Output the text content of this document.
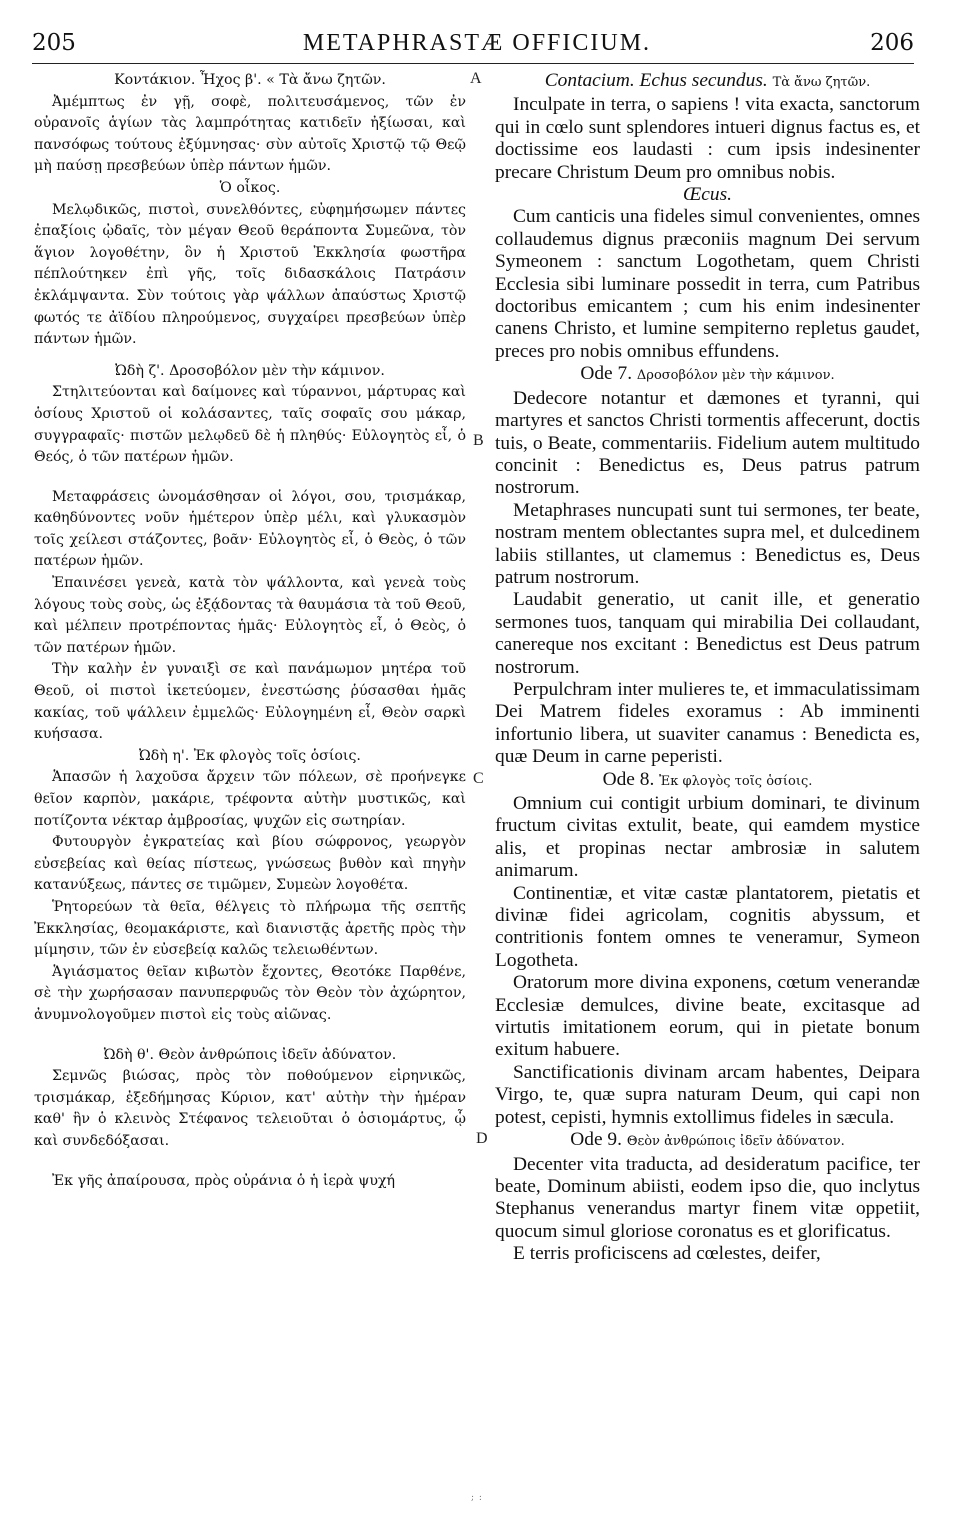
205	METAPHRASTÆ OFFICIUM.	206
A
B
C
D

Κοντάκιον. Ἦχος β'. « Τὰ ἄνω ζητῶν.

Ἀμέμπτως ἐν γῇ, σοφὲ, πολιτευσάμενος, τῶν ἐν οὐρανοῖς ἁγίων τὰς λαμπρότητας κατιδεῖν ἠξίωσαι, καὶ πανσόφως τούτους ἐξύμνησας· σὺν αὐτοῖς Χριστῷ τῷ Θεῷ μὴ παύσῃ πρεσβεύων ὑπὲρ πάντων ἡμῶν.

Ὁ οἶκος.

Μελῳδικῶς, πιστοὶ, συνελθόντες, εὐφημήσωμεν πάντες ἐπαξίοις ᾠδαῖς, τὸν μέγαν Θεοῦ θεράποντα Συμεῶνα, τὸν ἅγιον λογοθέτην, ὃν ἡ Χριστοῦ Ἐκκλησία φωστῆρα πέπλούτηκεν ἐπὶ γῆς, τοῖς διδασκάλοις Πατράσιν ἐκλάμψαντα. Σὺν τούτοις γὰρ ψάλλων ἀπαύστως Χριστῷ φωτός τε ἀϊδίου πληρούμενος, συγχαίρει πρεσβεύων ὑπὲρ πάντων ἡμῶν.

Ὠδὴ ζ'. Δροσοβόλον μὲν τὴν κάμινον.

Στηλιτεύονται καὶ δαίμονες καὶ τύραννοι, μάρτυρας καὶ ὁσίους Χριστοῦ οἱ κολάσαντες, ταῖς σοφαῖς σου μάκαρ, συγγραφαῖς· πιστῶν μελῳδεῦ δὲ ἡ πληθύς· Εὐλογητὸς εἶ, ὁ Θεός, ὁ τῶν πατέρων ἡμῶν.

Μεταφράσεις ὠνομάσθησαν οἱ λόγοι, σου, τρισμάκαρ, καθηδύνοντες νοῦν ἡμέτερον ὑπὲρ μέλι, καὶ γλυκασμὸν τοῖς χείλεσι στάζοντες, βοᾶν· Εὐλογητὸς εἶ, ὁ Θεὸς, ὁ τῶν πατέρων ἡμῶν.

Ἐπαινέσει γενεὰ, κατὰ τὸν ψάλλοντα, καὶ γενεὰ τοὺς λόγους τοὺς σοὺς, ὡς ἐξᾴδοντας τὰ θαυμάσια τὰ τοῦ Θεοῦ, καὶ μέλπειν προτρέποντας ἡμᾶς· Εὐλογητὸς εἶ, ὁ Θεὸς, ὁ τῶν πατέρων ἡμῶν.

Τὴν καλὴν ἐν γυναιξὶ σε καὶ πανάμωμον μητέρα τοῦ Θεοῦ, οἱ πιστοὶ ἱκετεύομεν, ἐνεστώσης ῥύσασθαι ἡμᾶς κακίας, τοῦ ψάλλειν ἐμμελῶς· Εὐλογημένη εἶ, Θεὸν σαρκὶ κυήσασα.

Ὠδὴ η'. Ἐκ φλογὸς τοῖς ὁσίοις.

Ἁπασῶν ἡ λαχοῦσα ἄρχειν τῶν πόλεων, σὲ προήνεγκε θεῖον καρπὸν, μακάριε, τρέφοντα αὐτὴν μυστικῶς, καὶ ποτίζοντα νέκταρ ἀμβροσίας, ψυχῶν εἰς σωτηρίαν.

Φυτουργὸν ἐγκρατείας καὶ βίου σώφρονος, γεωργὸν εὐσεβείας καὶ θείας πίστεως, γνώσεως βυθὸν καὶ πηγὴν κατανύξεως, πάντες σε τιμῶμεν, Συμεὼν λογοθέτα.

Ῥητορεύων τὰ θεῖα, θέλγεις τὸ πλήρωμα τῆς σεπτῆς Ἐκκλησίας, θεομακάριστε, καὶ διανιστᾷς ἀρετῆς πρὸς τὴν μίμησιν, τῶν ἐν εὐσεβείᾳ καλῶς τελειωθέντων.

Ἁγιάσματος θεῖαν κιβωτὸν ἔχοντες, Θεοτόκε Παρθένε, σὲ τὴν χωρήσασαν πανυπερφυῶς τὸν Θεὸν τὸν ἀχώρητον, ἀνυμνολογοῦμεν πιστοὶ εἰς τοὺς αἰῶνας.

Ὠδὴ θ'. Θεὸν ἀνθρώποις ἰδεῖν ἀδύνατον.

Σεμνῶς βιώσας, πρὸς τὸν ποθούμενον εἰρηνικῶς, τρισμάκαρ, ἐξεδήμησας Κύριον, κατ' αὐτὴν τὴν ἡμέραν καθ' ἣν ὁ κλεινὸς Στέφανος τελειοῦται ὁ ὁσιομάρτυς, ᾧ καὶ συνδεδόξασαι.

Ἐκ γῆς ἀπαίρουσα, πρὸς οὐράνια ὁ ἡ ἱερὰ ψυχή

Contacium. Echus secundus. Τὰ ἄνω ζητῶν.

Inculpate in terra, o sapiens ! vita exacta, sanctorum qui in cœlo sunt splendores intueri dignus factus es, et doctissime eos laudasti : cum ipsis indesinenter precare Christum Deum pro omnibus nobis.

Œcus.

Cum canticis una fideles simul convenientes, omnes collaudemus dignus præconiis magnum Dei servum Symeonem : sanctum Logothetam, quem Christi Ecclesia sibi luminare possedit in terra, cum Patribus doctoribus emicantem ; cum his enim indesinenter canens Christo, et lumine sempiterno repletus gaudet, preces pro nobis omnibus effundens.

Ode 7. Δροσοβόλον μὲν τὴν κάμινον.

Dedecore notantur et dæmones et tyranni, qui martyres et sanctos Christi tormentis affecerunt, doctis tuis, o Beate, commentariis. Fidelium autem multitudo concinit : Benedictus es, Deus patrus patrum nostrorum.

Metaphrases nuncupati sunt tui sermones, ter beate, nostram mentem oblectantes supra mel, et dulcedinem labiis stillantes, ut clamemus : Benedictus es, Deus patrum nostrorum.

Laudabit generatio, ut canit ille, et generatio sermones tuos, tanquam qui mirabilia Dei collaudant, canereque nos excitant : Benedictus est Deus patrum nostrorum.

Perpulchram inter mulieres te, et immaculatissimam Dei Matrem fideles exoramus : Ab imminenti infortunio libera, ut suaviter canamus : Benedicta es, quæ Deum in carne peperisti.

Ode 8. Ἐκ φλογὸς τοῖς ὁσίοις.

Omnium cui contigit urbium dominari, te divinum fructum civitas extulit, beate, qui eamdem mystice alis, et propinas nectar ambrosiæ in salutem animarum.

Continentiæ, et vitæ castæ plantatorem, pietatis et divinæ fidei agricolam, cognitis abyssum, et contritionis fontem omnes te veneramur, Symeon Logotheta.

Oratorum more divina exponens, cœtum venerandæ Ecclesiæ demulces, divine beate, excitasque ad virtutis imitationem eorum, qui in pietate bonum exitum habuere.

Sanctificationis divinam arcam habentes, Deipara Virgo, te, quæ supra naturam Deum, qui capi non potest, cepisti, hymnis extollimus fideles in sæcula.

Ode 9. Θεὸν ἀνθρώποις ἰδεῖν ἀδύνατον.

Decenter vita traducta, ad desideratum pacifice, ter beate, Dominum abiisti, eodem ipso die, quo inclytus Stephanus venerandus martyr finem vitæ oppetiit, quocum simul gloriose coronatus es et glorificatus.

E terris proficiscens ad cœlestes, deifer,

; :
